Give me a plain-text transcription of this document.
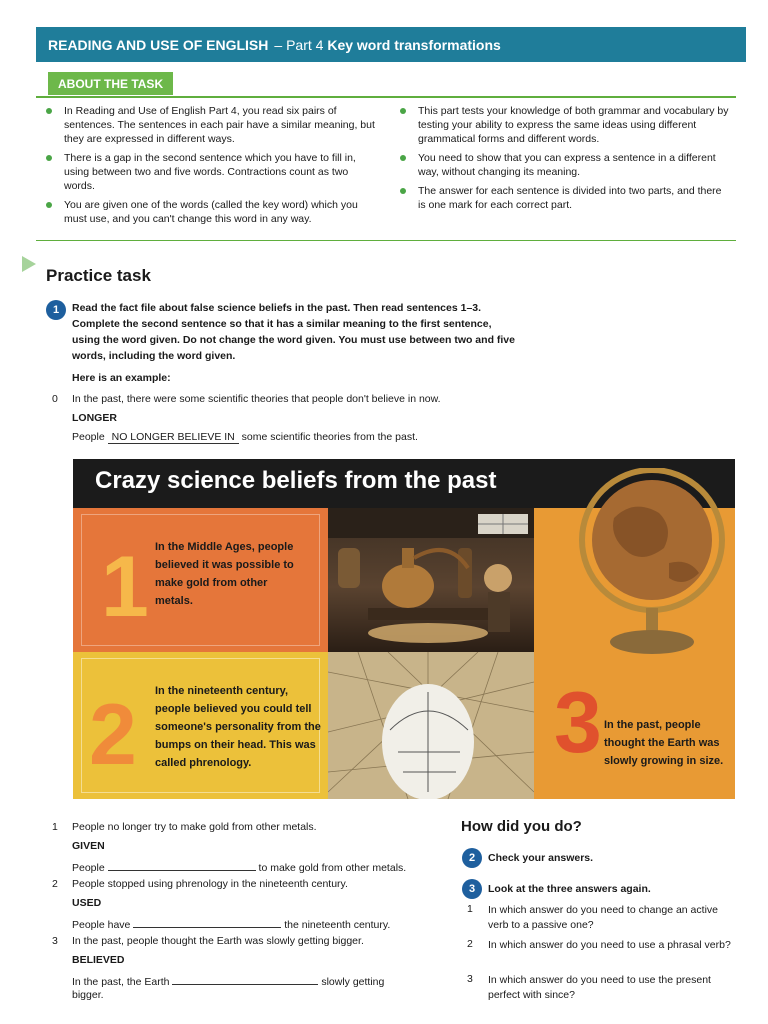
READING AND USE OF ENGLISH – Part 4 Key word transformations
ABOUT THE TASK
In Reading and Use of English Part 4, you read six pairs of sentences. The sentences in each pair have a similar meaning, but they are expressed in different ways.
There is a gap in the second sentence which you have to fill in, using between two and five words. Contractions count as two words.
You are given one of the words (called the key word) which you must use, and you can't change this word in any way.
This part tests your knowledge of both grammar and vocabulary by testing your ability to express the same ideas using different grammatical forms and different words.
You need to show that you can express a sentence in a different way, without changing its meaning.
The answer for each sentence is divided into two parts, and there is one mark for each correct part.
Practice task
1	Read the fact file about false science beliefs in the past. Then read sentences 1–3. Complete the second sentence so that it has a similar meaning to the first sentence, using the word given. Do not change the word given. You must use between two and five words, including the word given.
Here is an example:
0 In the past, there were some scientific theories that people don't believe in now.
LONGER
People NO LONGER BELIEVE IN some scientific theories from the past.
Crazy science beliefs from the past
1 In the Middle Ages, people believed it was possible to make gold from other metals.
2 In the nineteenth century, people believed you could tell someone's personality from the bumps on their head. This was called phrenology.	3 In the past, people thought the Earth was slowly growing in size.
1 People no longer try to make gold from other metals.
GIVEN
People	to make gold from other metals.
2 People stopped using phrenology in the nineteenth century.
USED
People have	the nineteenth century.
3 In the past, people thought the Earth was slowly getting bigger.
BELIEVED
In the past, the Earth	slowly getting
bigger.
How did you do?
2	Check your answers.
3	Look at the three answers again.
1 In which answer do you need to change an active verb to a passive one?
2 In which answer do you need to use a phrasal verb?
3 In which answer do you need to use the present perfect with since?
